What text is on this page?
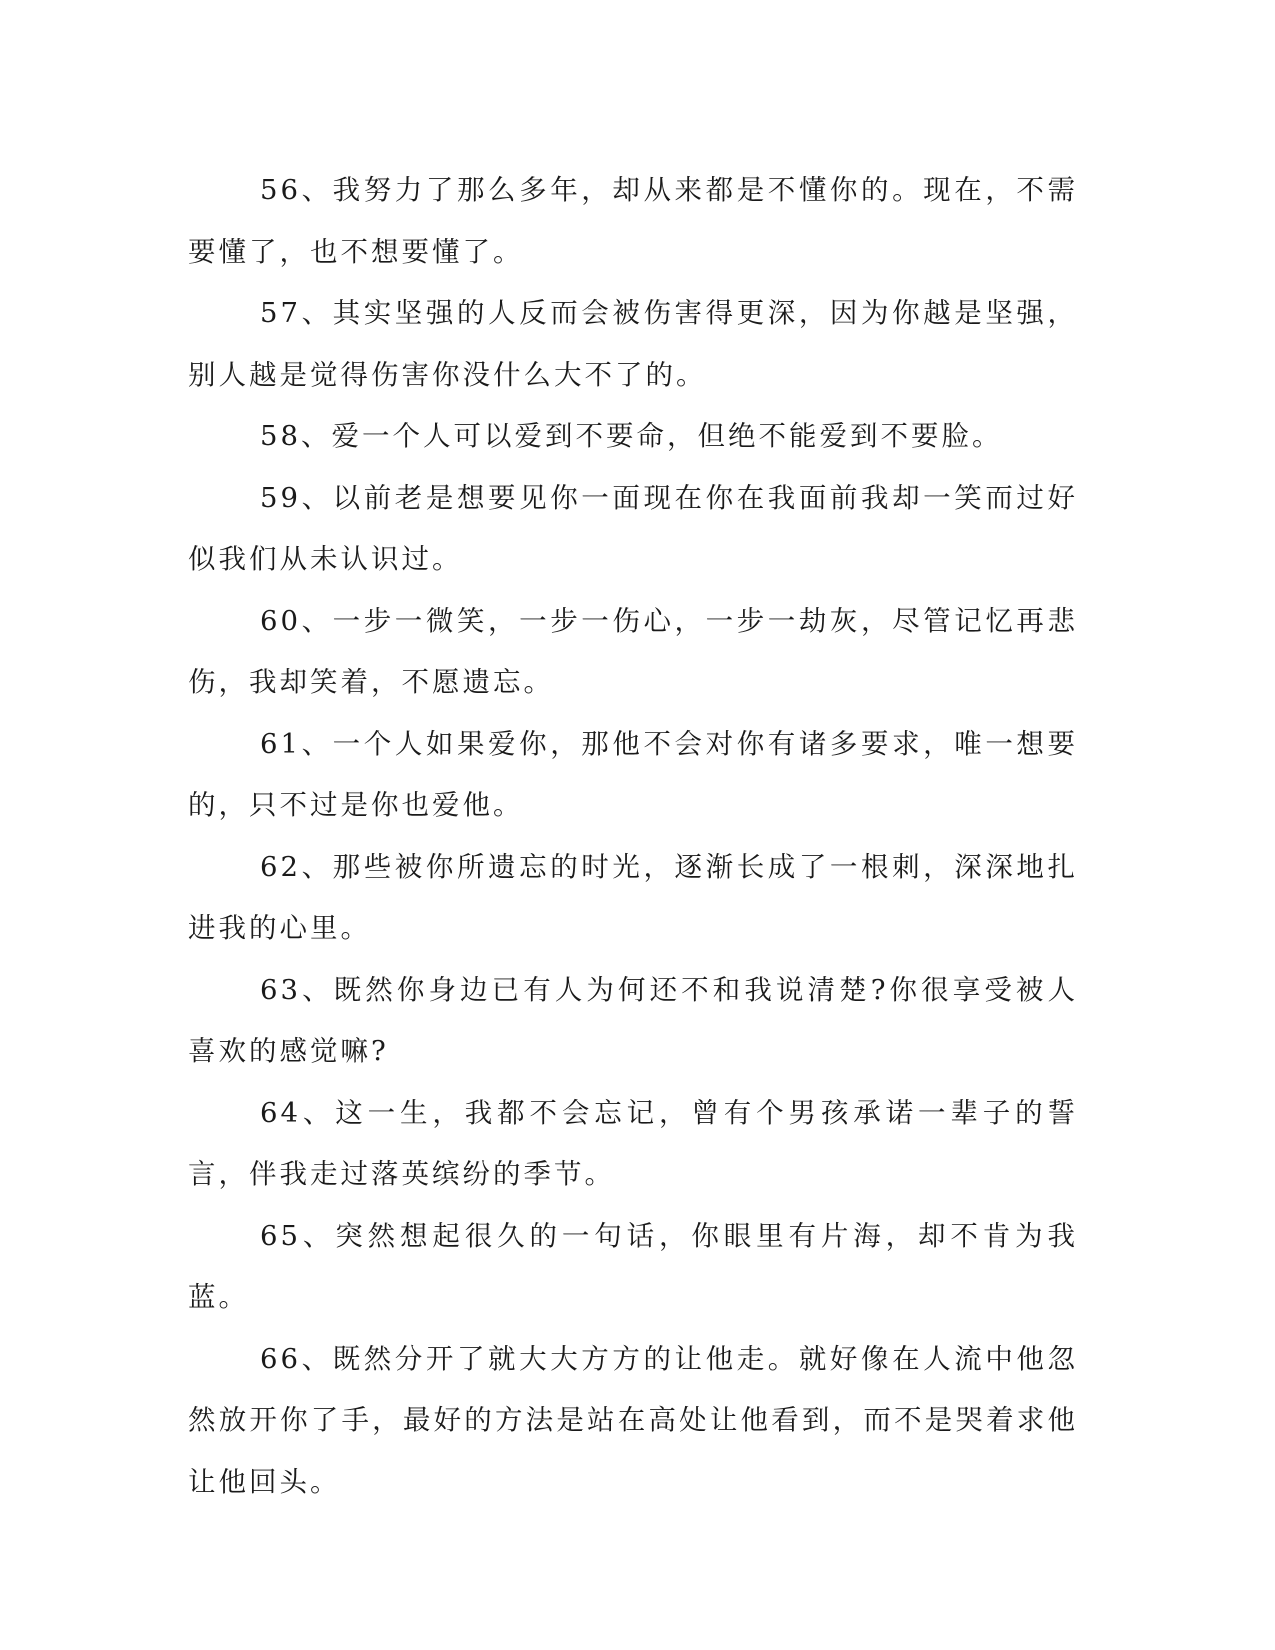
56、我努力了那么多年，却从来都是不懂你的。现在，不需要懂了，也不想要懂了。

57、其实坚强的人反而会被伤害得更深，因为你越是坚强，别人越是觉得伤害你没什么大不了的。

58、爱一个人可以爱到不要命，但绝不能爱到不要脸。

59、以前老是想要见你一面现在你在我面前我却一笑而过好似我们从未认识过。

60、一步一微笑，一步一伤心，一步一劫灰，尽管记忆再悲伤，我却笑着，不愿遗忘。

61、一个人如果爱你，那他不会对你有诸多要求，唯一想要的，只不过是你也爱他。

62、那些被你所遗忘的时光，逐渐长成了一根刺，深深地扎进我的心里。

63、既然你身边已有人为何还不和我说清楚?你很享受被人喜欢的感觉嘛?

64、这一生，我都不会忘记，曾有个男孩承诺一辈子的誓言，伴我走过落英缤纷的季节。

65、突然想起很久的一句话，你眼里有片海，却不肯为我蓝。

66、既然分开了就大大方方的让他走。就好像在人流中他忽然放开你了手，最好的方法是站在高处让他看到，而不是哭着求他让他回头。
